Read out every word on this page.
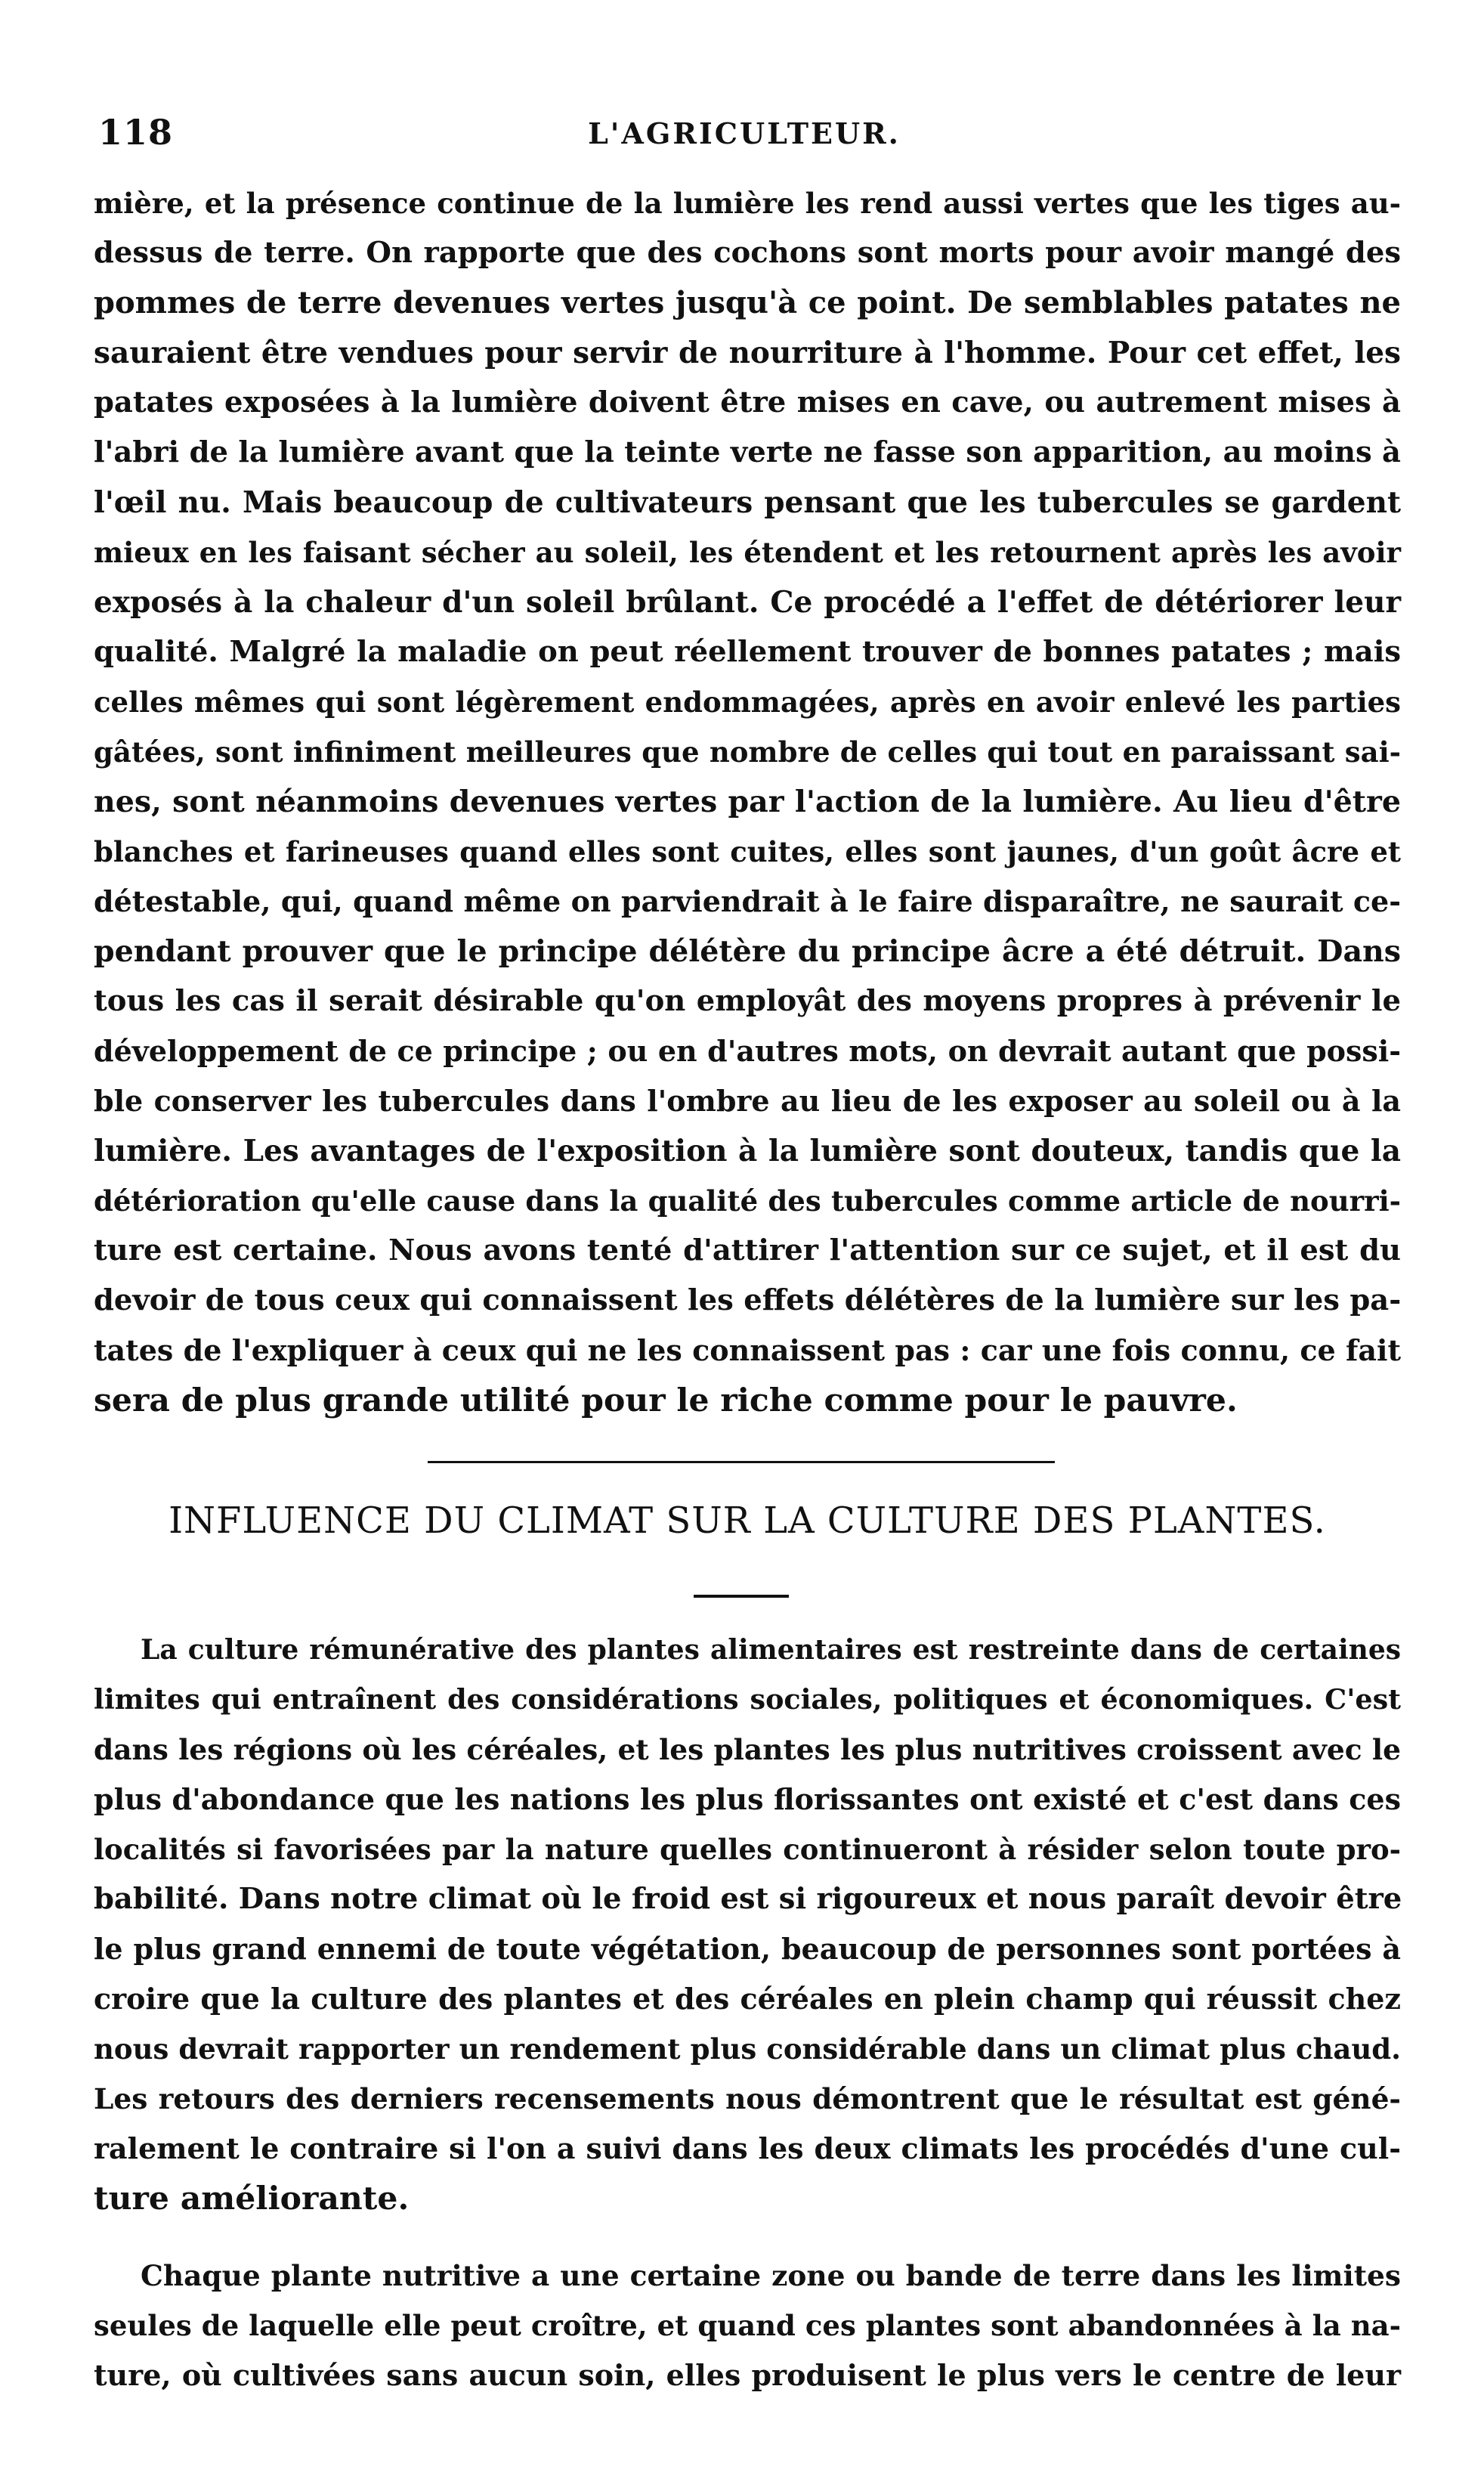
118	L'AGRICULTEUR.
mière, et la présence continue de la lumière les rend aussi vertes que les tiges au-
dessus de terre. On rapporte que des cochons sont morts pour avoir mangé des
pommes de terre devenues vertes jusqu'à ce point. De semblables patates ne
sauraient être vendues pour servir de nourriture à l'homme. Pour cet effet, les
patates exposées à la lumière doivent être mises en cave, ou autrement mises à
l'abri de la lumière avant que la teinte verte ne fasse son apparition, au moins à
l'œil nu. Mais beaucoup de cultivateurs pensant que les tubercules se gardent
mieux en les faisant sécher au soleil, les étendent et les retournent après les avoir
exposés à la chaleur d'un soleil brûlant. Ce procédé a l'effet de détériorer leur
qualité. Malgré la maladie on peut réellement trouver de bonnes patates ; mais
celles mêmes qui sont légèrement endommagées, après en avoir enlevé les parties
gâtées, sont infiniment meilleures que nombre de celles qui tout en paraissant sai-
nes, sont néanmoins devenues vertes par l'action de la lumière. Au lieu d'être
blanches et farineuses quand elles sont cuites, elles sont jaunes, d'un goût âcre et
détestable, qui, quand même on parviendrait à le faire disparaître, ne saurait ce-
pendant prouver que le principe délétère du principe âcre a été détruit. Dans
tous les cas il serait désirable qu'on employât des moyens propres à prévenir le
développement de ce principe ; ou en d'autres mots, on devrait autant que possi-
ble conserver les tubercules dans l'ombre au lieu de les exposer au soleil ou à la
lumière. Les avantages de l'exposition à la lumière sont douteux, tandis que la
détérioration qu'elle cause dans la qualité des tubercules comme article de nourri-
ture est certaine. Nous avons tenté d'attirer l'attention sur ce sujet, et il est du
devoir de tous ceux qui connaissent les effets délétères de la lumière sur les pa-
tates de l'expliquer à ceux qui ne les connaissent pas : car une fois connu, ce fait
sera de plus grande utilité pour le riche comme pour le pauvre.
INFLUENCE DU CLIMAT SUR LA CULTURE DES PLANTES.
La culture rémunérative des plantes alimentaires est restreinte dans de certaines
limites qui entraînent des considérations sociales, politiques et économiques. C'est
dans les régions où les céréales, et les plantes les plus nutritives croissent avec le
plus d'abondance que les nations les plus florissantes ont existé et c'est dans ces
localités si favorisées par la nature quelles continueront à résider selon toute pro-
babilité. Dans notre climat où le froid est si rigoureux et nous paraît devoir être
le plus grand ennemi de toute végétation, beaucoup de personnes sont portées à
croire que la culture des plantes et des céréales en plein champ qui réussit chez
nous devrait rapporter un rendement plus considérable dans un climat plus chaud.
Les retours des derniers recensements nous démontrent que le résultat est géné-
ralement le contraire si l'on a suivi dans les deux climats les procédés d'une cul-
ture améliorante.
Chaque plante nutritive a une certaine zone ou bande de terre dans les limites
seules de laquelle elle peut croître, et quand ces plantes sont abandonnées à la na-
ture, où cultivées sans aucun soin, elles produisent le plus vers le centre de leur
